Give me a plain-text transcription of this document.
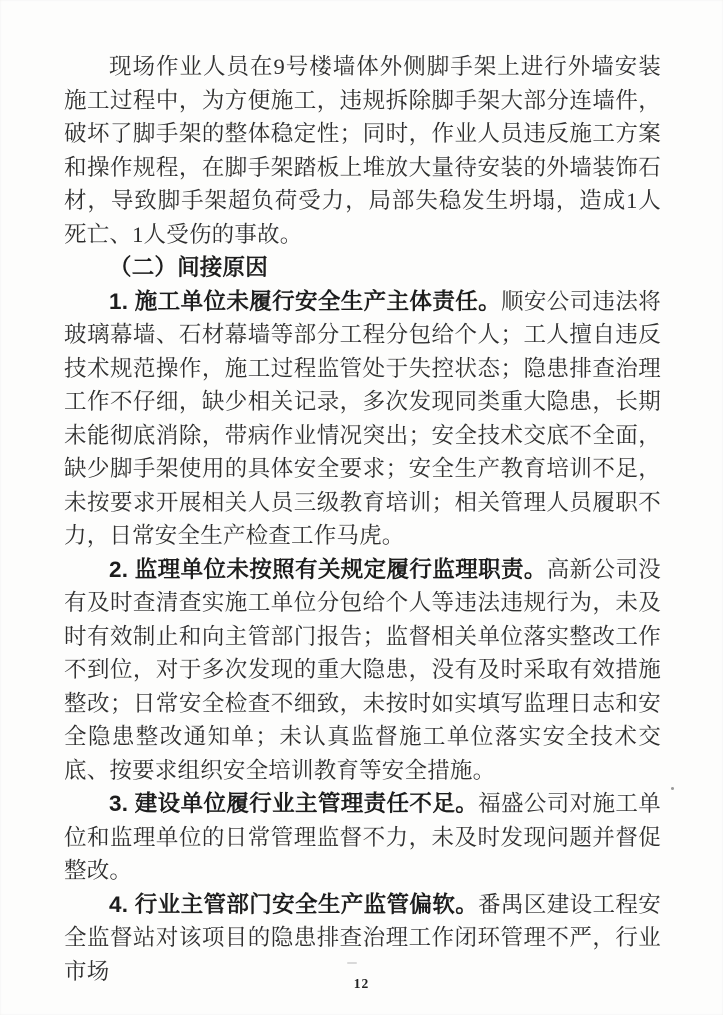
现场作业人员在9号楼墙体外侧脚手架上进行外墙安装施工过程中，为方便施工，违规拆除脚手架大部分连墙件，破坏了脚手架的整体稳定性；同时，作业人员违反施工方案和操作规程，在脚手架踏板上堆放大量待安装的外墙装饰石材，导致脚手架超负荷受力，局部失稳发生坍塌，造成1人死亡、1人受伤的事故。

（二）间接原因

1. 施工单位未履行安全生产主体责任。顺安公司违法将玻璃幕墙、石材幕墙等部分工程分包给个人；工人擅自违反技术规范操作，施工过程监管处于失控状态；隐患排查治理工作不仔细，缺少相关记录，多次发现同类重大隐患，长期未能彻底消除，带病作业情况突出；安全技术交底不全面，缺少脚手架使用的具体安全要求；安全生产教育培训不足，未按要求开展相关人员三级教育培训；相关管理人员履职不力，日常安全生产检查工作马虎。

2. 监理单位未按照有关规定履行监理职责。高新公司没有及时查清查实施工单位分包给个人等违法违规行为，未及时有效制止和向主管部门报告；监督相关单位落实整改工作不到位，对于多次发现的重大隐患，没有及时采取有效措施整改；日常安全检查不细致，未按时如实填写监理日志和安全隐患整改通知单；未认真监督施工单位落实安全技术交底、按要求组织安全培训教育等安全措施。

3. 建设单位履行业主管理责任不足。福盛公司对施工单位和监理单位的日常管理监督不力，未及时发现问题并督促整改。

4. 行业主管部门安全生产监管偏软。番禺区建设工程安全监督站对该项目的隐患排查治理工作闭环管理不严，行业市场	12
